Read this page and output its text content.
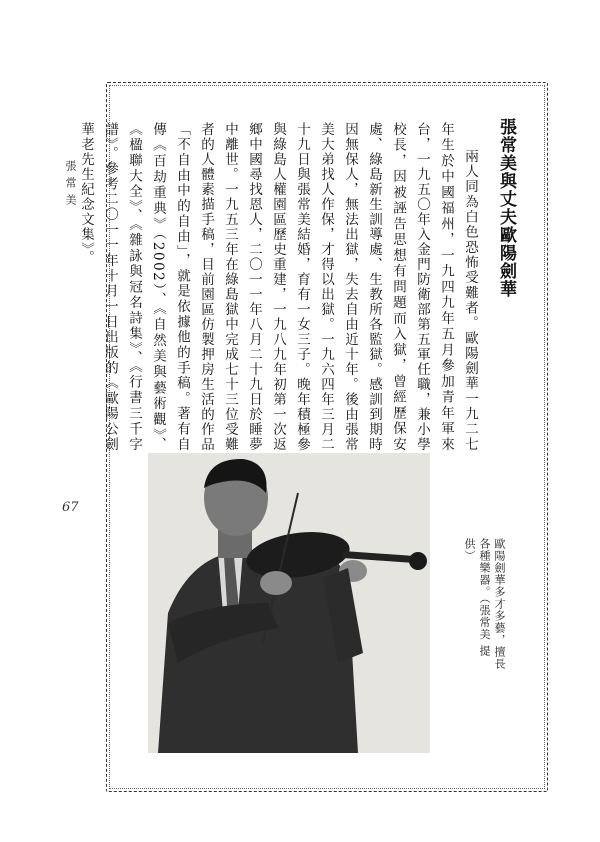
張常美
67
張常美與丈夫歐陽劍華

兩人同為白色恐怖受難者。歐陽劍華一九二七年生於中國福州，一九四九年五月參加青年軍來台，一九五〇年入金門防衛部第五軍任職，兼小學校長，因被誣告思想有問題而入獄，曾經歷保安處、綠島新生訓導處、生教所各監獄。感訓到期時因無保人，無法出獄，失去自由近十年。後由張常美大弟找人作保，才得以出獄。一九六四年三月二十九日與張常美結婚，育有一女三子。晚年積極參與綠島人權園區歷史重建，一九八九年初第一次返鄉中國尋找恩人，二〇一一年八月二十九日於睡夢中離世。一九五三年在綠島獄中完成七十三位受難者的人體素描手稿，目前園區仿製押房生活的作品「不自由中的自由」，就是依據他的手稿。著有自傳《百劫重典》（2002）、《自然美與藝術觀》、《楹聯大全》、《雜詠與冠名詩集》、《行書三千字譜》。參考二〇一一年十月一日出版的《歐陽公劍華老先生紀念文集》。

歐陽劍華多才多藝，擅長各種樂器。（張常美 提供）
